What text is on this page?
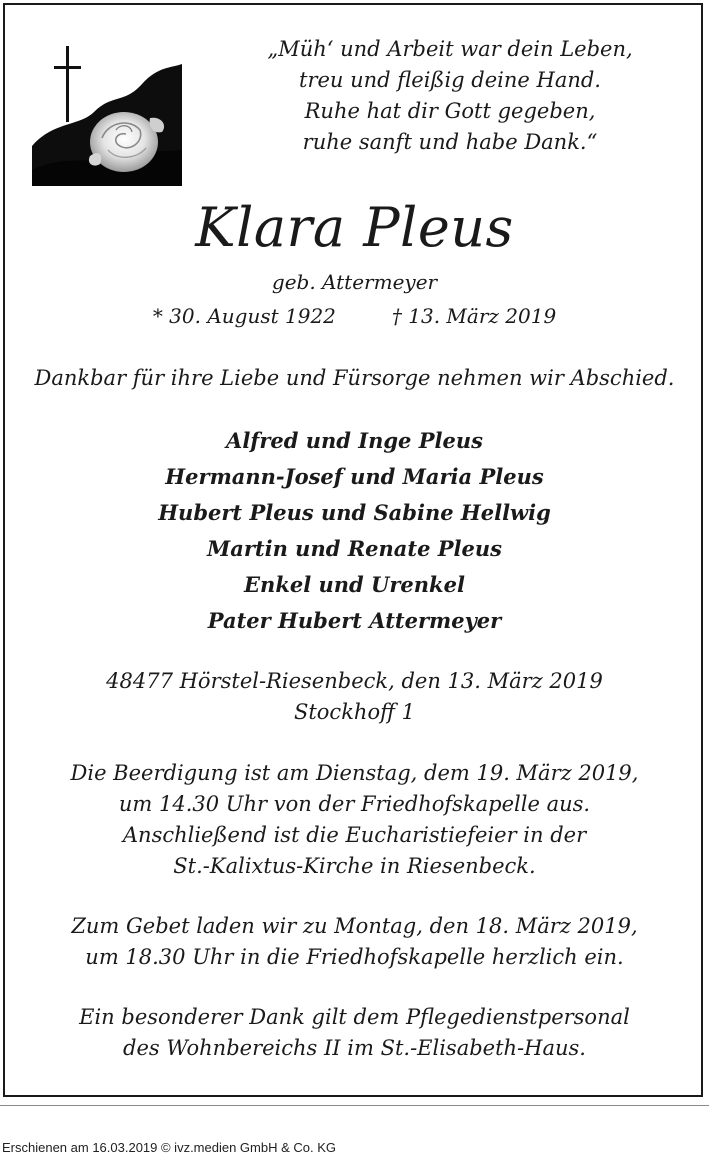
„Müh‘ und Arbeit war dein Leben,
treu und fleißig deine Hand.
Ruhe hat dir Gott gegeben,
ruhe sanft und habe Dank.“
Klara Pleus
geb. Attermeyer
* 30. August 1922	† 13. März 2019
Dankbar für ihre Liebe und Fürsorge nehmen wir Abschied.
Alfred und Inge Pleus
Hermann-Josef und Maria Pleus
Hubert Pleus und Sabine Hellwig
Martin und Renate Pleus
Enkel und Urenkel
Pater Hubert Attermeyer
48477 Hörstel-Riesenbeck, den 13. März 2019
Stockhoff 1
Die Beerdigung ist am Dienstag, dem 19. März 2019,
um 14.30 Uhr von der Friedhofskapelle aus.
Anschließend ist die Eucharistiefeier in der
St.-Kalixtus-Kirche in Riesenbeck.
Zum Gebet laden wir zu Montag, den 18. März 2019,
um 18.30 Uhr in die Friedhofskapelle herzlich ein.
Ein besonderer Dank gilt dem Pflegedienstpersonal
des Wohnbereichs II im St.-Elisabeth-Haus.
Erschienen am 16.03.2019 © ivz.medien GmbH & Co. KG
